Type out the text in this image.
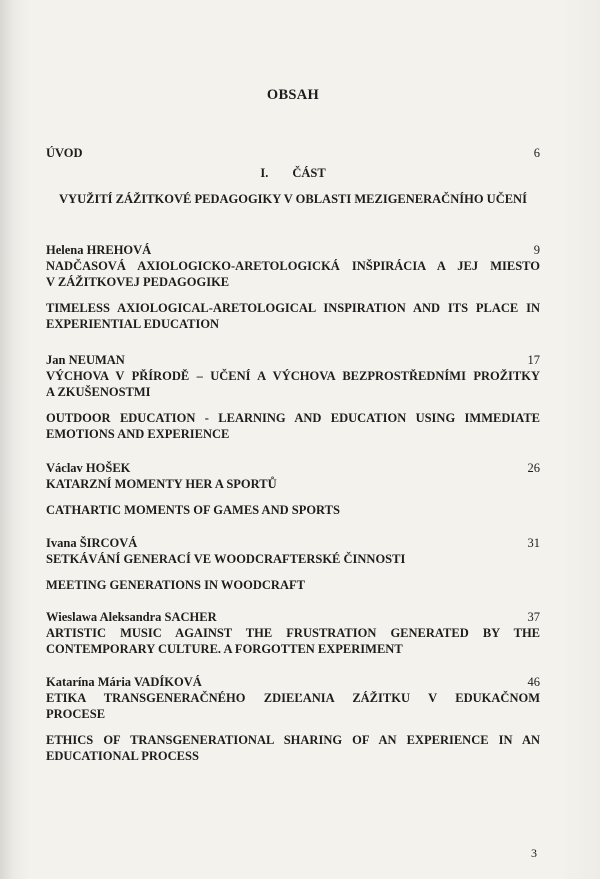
OBSAH
ÚVOD	6
I. ČÁST
VYUŽITÍ ZÁŽITKOVÉ PEDAGOGIKY V OBLASTI MEZIGENERAČNÍHO UČENÍ
Helena HREHOVÁ	9
NADČASOVÁ AXIOLOGICKO-ARETOLOGICKÁ INŠPIRÁCIA A JEJ MIESTO
V ZÁŽITKOVEJ PEDAGOGIKE
TIMELESS AXIOLOGICAL-ARETOLOGICAL INSPIRATION AND ITS PLACE IN
EXPERIENTIAL EDUCATION
Jan NEUMAN	17
VÝCHOVA V PŘÍRODĚ – UČENÍ A VÝCHOVA BEZPROSTŘEDNÍMI PROŽITKY
A ZKUŠENOSTMI
OUTDOOR EDUCATION - LEARNING AND EDUCATION USING IMMEDIATE
EMOTIONS AND EXPERIENCE
Václav HOŠEK	26
KATARZNÍ MOMENTY HER A SPORTŮ
CATHARTIC MOMENTS OF GAMES AND SPORTS
Ivana ŠIRCOVÁ	31
SETKÁVÁNÍ GENERACÍ VE WOODCRAFTERSKÉ ČINNOSTI
MEETING GENERATIONS IN WOODCRAFT
Wieslawa Aleksandra SACHER	37
ARTISTIC MUSIC AGAINST THE FRUSTRATION GENERATED BY THE
CONTEMPORARY CULTURE. A FORGOTTEN EXPERIMENT
Katarína Mária VADÍKOVÁ	46
ETIKA TRANSGENERAČNÉHO ZDIEĽANIA ZÁŽITKU V EDUKAČNOM
PROCESE
ETHICS OF TRANSGENERATIONAL SHARING OF AN EXPERIENCE IN AN
EDUCATIONAL PROCESS
3
